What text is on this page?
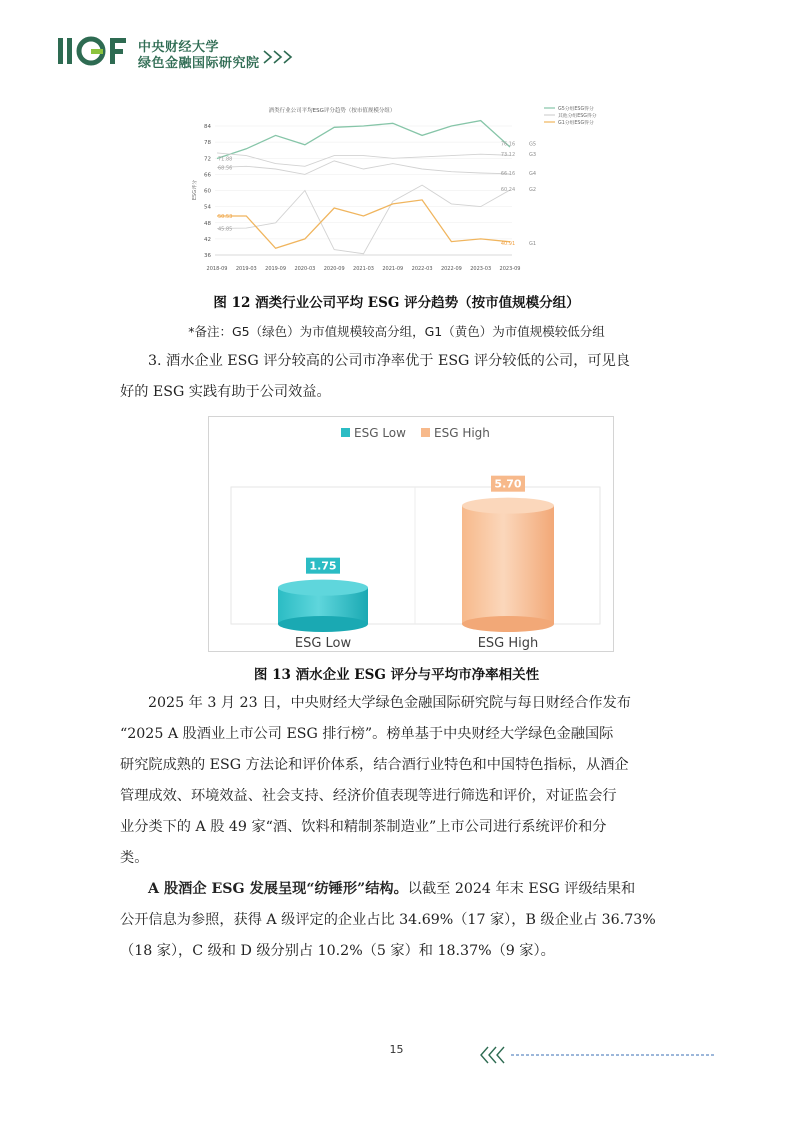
IIGF
中央财经大学
绿色金融国际研究院
酒类行业公司平均ESG评分趋势（按市值规模分组）
ESG评分
36
42
48
54
60
66
72
78
84
2018-09 2019-03 2019-09 2020-03 2020-09 2021-03 2021-09 2022-03 2022-09 2023-03 2023-09
71.88
68.56
50.53
45.85
76.16	G5
73.12	G3
66.16	G4
60.24	G2
40.91	G1
G5分组ESG得分
其他分组ESG得分
G1分组ESG得分
图 12 酒类行业公司平均 ESG 评分趋势（按市值规模分组）
*备注：G5（绿色）为市值规模较高分组，G1（黄色）为市值规模较低分组

3. 酒水企业 ESG 评分较高的公司市净率优于 ESG 评分较低的公司，可见良

好的 ESG 实践有助于公司效益。

ESG Low ESG High
1.75
ESG Low
5.70
ESG High
图 13 酒水企业 ESG 评分与平均市净率相关性

2025 年 3 月 23 日，中央财经大学绿色金融国际研究院与每日财经合作发布

“2025 A 股酒业上市公司 ESG 排行榜”。榜单基于中央财经大学绿色金融国际

研究院成熟的 ESG 方法论和评价体系，结合酒行业特色和中国特色指标，从酒企

管理成效、环境效益、社会支持、经济价值表现等进行筛选和评价，对证监会行

业分类下的 A 股 49 家“酒、饮料和精制茶制造业”上市公司进行系统评价和分

类。

A 股酒企 ESG 发展呈现“纺锤形”结构。以截至 2024 年末 ESG 评级结果和

公开信息为参照，获得 A 级评定的企业占比 34.69%（17 家），B 级企业占 36.73%

（18 家），C 级和 D 级分别占 10.2%（5 家）和 18.37%（9 家）。

15
